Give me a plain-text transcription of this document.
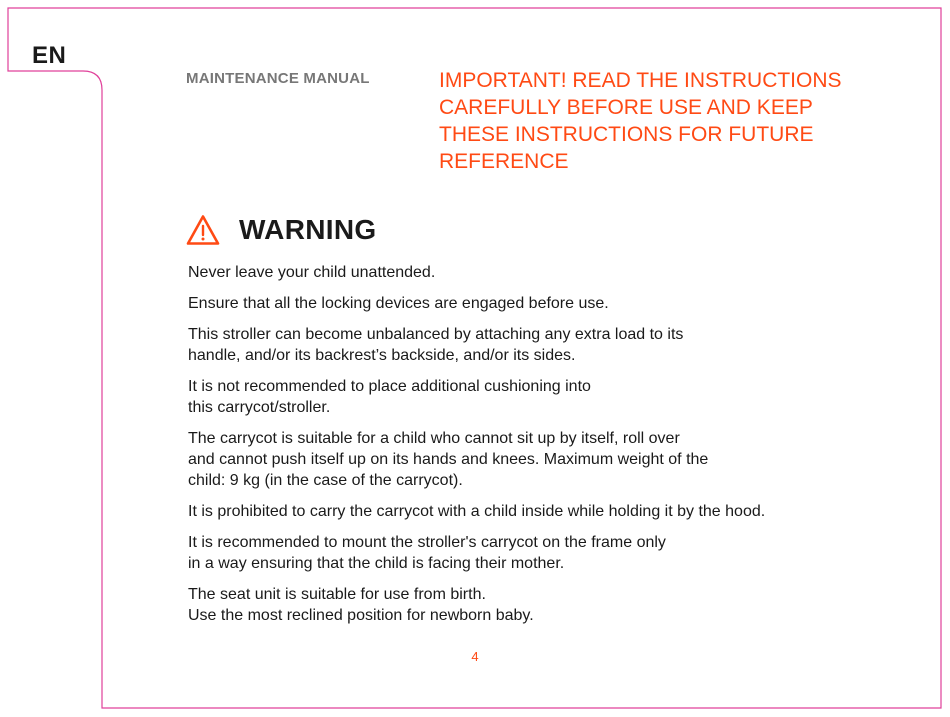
EN
MAINTENANCE MANUAL	IMPORTANT! READ THE INSTRUCTIONS
CAREFULLY BEFORE USE AND KEEP
THESE INSTRUCTIONS FOR FUTURE
REFERENCE

WARNING
Never leave your child unattended.
Ensure that all the locking devices are engaged before use.
This stroller can become unbalanced by attaching any extra load to its
handle, and/or its backrest’s backside, and/or its sides.
It is not recommended to place additional cushioning into
this carrycot/stroller.
The carrycot is suitable for a child who cannot sit up by itself, roll over
and cannot push itself up on its hands and knees. Maximum weight of the
child: 9 kg (in the case of the carrycot).
It is prohibited to carry the carrycot with a child inside while holding it by the hood.
It is recommended to mount the stroller's carrycot on the frame only
in a way ensuring that the child is facing their mother.
The seat unit is suitable for use from birth.
Use the most reclined position for newborn baby.
4
